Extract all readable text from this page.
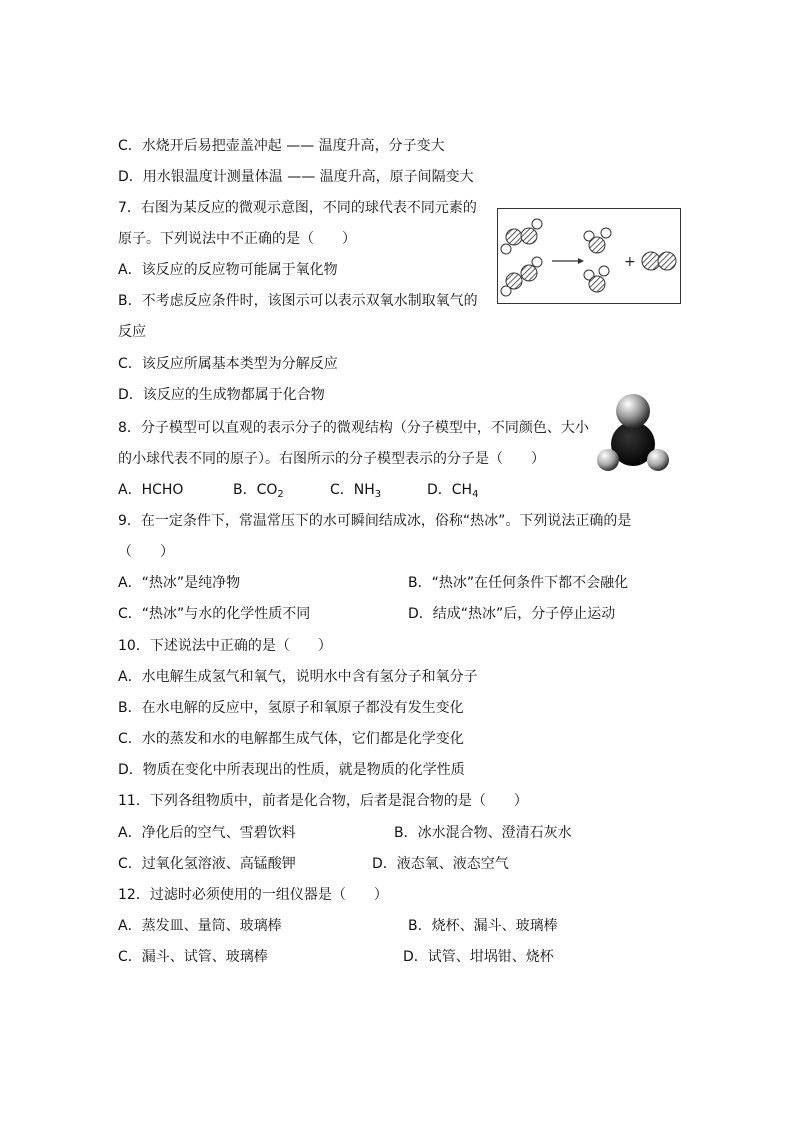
C．水烧开后易把壶盖冲起 —— 温度升高，分子变大
D．用水银温度计测量体温 —— 温度升高，原子间隔变大
7．右图为某反应的微观示意图，不同的球代表不同元素的
原子。下列说法中不正确的是（　　）
A．该反应的反应物可能属于氧化物
B．不考虑反应条件时，该图示可以表示双氧水制取氧气的
反应
C．该反应所属基本类型为分解反应
D．该反应的生成物都属于化合物
+
8．分子模型可以直观的表示分子的微观结构（分子模型中，不同颜色、大小
的小球代表不同的原子）。右图所示的分子模型表示的分子是（　　）
A．HCHO	B．$CO_2$	C．$NH_3$	D．$CH_4$
9．在一定条件下，常温常压下的水可瞬间结成冰，俗称“热冰”。下列说法正确的是
（　　）
A．“热冰”是纯净物	B．“热冰”在任何条件下都不会融化
C．“热冰”与水的化学性质不同	D．结成“热冰”后，分子停止运动
10．下述说法中正确的是（　　）
A．水电解生成氢气和氧气，说明水中含有氢分子和氧分子
B．在水电解的反应中，氢原子和氧原子都没有发生变化
C．水的蒸发和水的电解都生成气体，它们都是化学变化
D．物质在变化中所表现出的性质，就是物质的化学性质
11．下列各组物质中，前者是化合物，后者是混合物的是（　　）
A．净化后的空气、雪碧饮料	B．冰水混合物、澄清石灰水
C．过氧化氢溶液、高锰酸钾	D．液态氧、液态空气
12．过滤时必须使用的一组仪器是（　　）
A．蒸发皿、量筒、玻璃棒	B．烧杯、漏斗、玻璃棒
C．漏斗、试管、玻璃棒	D．试管、坩埚钳、烧杯
